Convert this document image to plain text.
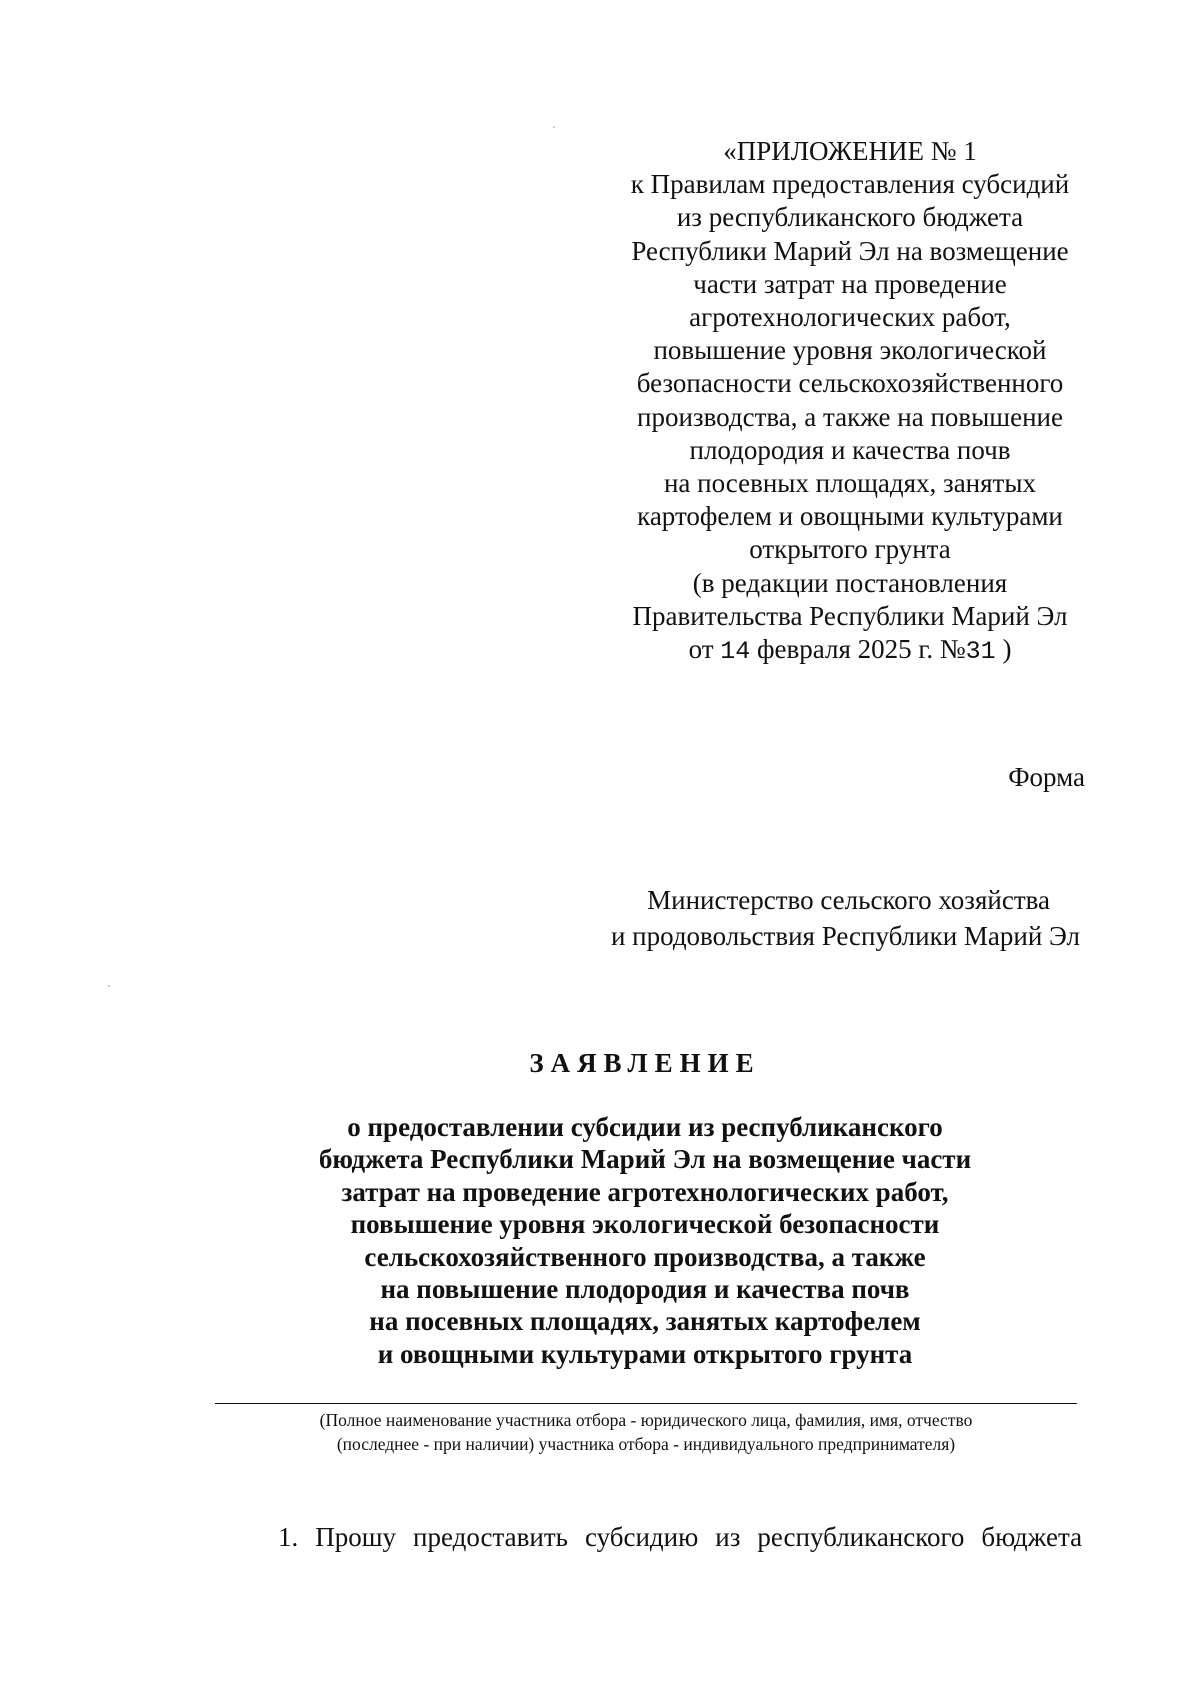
«ПРИЛОЖЕНИЕ № 1
к Правилам предоставления субсидий
из республиканского бюджета
Республики Марий Эл на возмещение
части затрат на проведение
агротехнологических работ,
повышение уровня экологической
безопасности сельскохозяйственного
производства, а также на повышение
плодородия и качества почв
на посевных площадях, занятых
картофелем и овощными культурами
открытого грунта
(в редакции постановления
Правительства Республики Марий Эл
от 14 февраля 2025 г. №31 )
Форма
Министерство сельского хозяйства
и продовольствия Республики Марий Эл
ЗАЯВЛЕНИЕ
о предоставлении субсидии из республиканского
бюджета Республики Марий Эл на возмещение части
затрат на проведение агротехнологических работ,
повышение уровня экологической безопасности
сельскохозяйственного производства, а также
на повышение плодородия и качества почв
на посевных площадях, занятых картофелем
и овощными культурами открытого грунта
(Полное наименование участника отбора - юридического лица, фамилия, имя, отчество
(последнее - при наличии) участника отбора - индивидуального предпринимателя)
1. Прошу предоставить субсидию из республиканского бюджета
